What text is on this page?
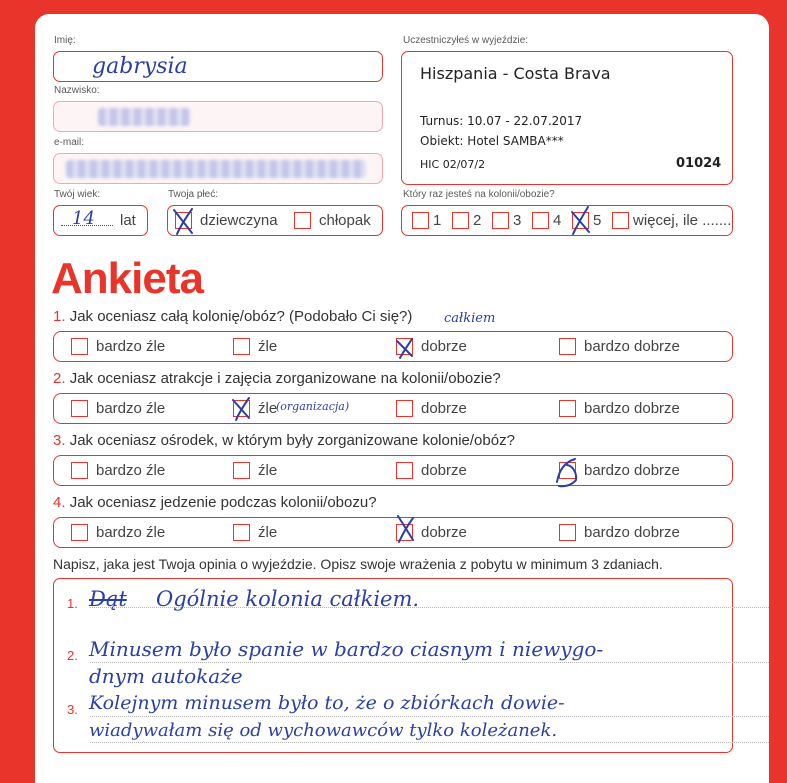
Imię:
gabrysia
Nazwisko:
e-mail:
Twój wiek:
14 lat
Twoja płeć:
dziewczyna	chłopak
Uczestniczyłeś w wyjeździe:
Hiszpania - Costa Brava
Turnus: 10.07 - 22.07.2017
Obiekt: Hotel SAMBA***
HIC 02/07/2	01024
Który raz jesteś na kolonii/obozie?
1 2 3 4 5 więcej, ile .......
Ankieta
1. Jak oceniasz całą kolonię/obóz? (Podobało Ci się?) całkiem
bardzo źle	źle	dobrze	bardzo dobrze
2. Jak oceniasz atrakcje i zajęcia zorganizowane na kolonii/obozie?
bardzo źle	źle
(organizacja)	dobrze	bardzo dobrze
3. Jak oceniasz ośrodek, w którym były zorganizowane kolonie/obóz?
bardzo źle	źle	dobrze	bardzo dobrze
4. Jak oceniasz jedzenie podczas kolonii/obozu?
bardzo źle	źle	dobrze	bardzo dobrze
Napisz, jaka jest Twoja opinia o wyjeździe. Opisz swoje wrażenia z pobytu w minimum 3 zdaniach.
1.
2.
3.
Dąt Ogólnie kolonia całkiem.
Minusem było spanie w bardzo ciasnym i niewygo-
dnym autokaże
Kolejnym minusem było to, że o zbiórkach dowie-
wiadywałam się od wychowawców tylko koleżanek.
